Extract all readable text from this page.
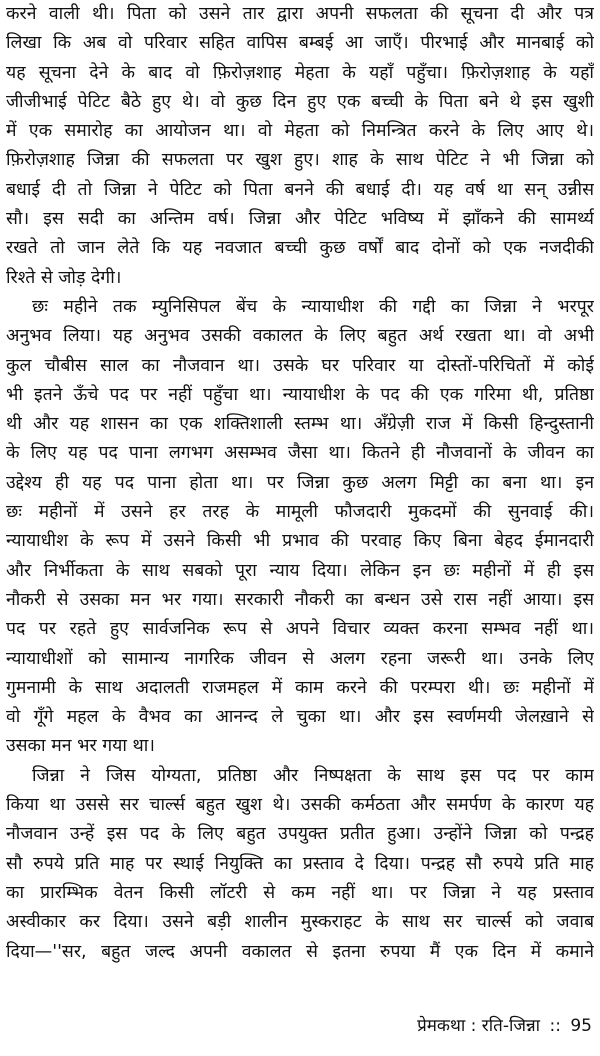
करने वाली थी। पिता को उसने तार द्वारा अपनी सफलता की सूचना दी और पत्र
लिखा कि अब वो परिवार सहित वापिस बम्बई आ जाएँ। पीरभाई और मानबाई को
यह सूचना देने के बाद वो फ़िरोज़शाह मेहता के यहाँ पहुँचा। फ़िरोज़शाह के यहाँ
जीजीभाई पेटिट बैठे हुए थे। वो कुछ दिन हुए एक बच्ची के पिता बने थे इस खुशी
में एक समारोह का आयोजन था। वो मेहता को निमन्त्रित करने के लिए आए थे।
फ़िरोज़शाह जिन्ना की सफलता पर खुश हुए। शाह के साथ पेटिट ने भी जिन्ना को
बधाई दी तो जिन्ना ने पेटिट को पिता बनने की बधाई दी। यह वर्ष था सन् उन्नीस
सौ। इस सदी का अन्तिम वर्ष। जिन्ना और पेटिट भविष्य में झाँकने की सामर्थ्य
रखते तो जान लेते कि यह नवजात बच्ची कुछ वर्षों बाद दोनों को एक नजदीकी
रिश्ते से जोड़ देगी।
छः महीने तक म्युनिसिपल बेंच के न्यायाधीश की गद्दी का जिन्ना ने भरपूर
अनुभव लिया। यह अनुभव उसकी वकालत के लिए बहुत अर्थ रखता था। वो अभी
कुल चौबीस साल का नौजवान था। उसके घर परिवार या दोस्तों-परिचितों में कोई
भी इतने ऊँचे पद पर नहीं पहुँचा था। न्यायाधीश के पद की एक गरिमा थी, प्रतिष्ठा
थी और यह शासन का एक शक्तिशाली स्तम्भ था। अँग्रेज़ी राज में किसी हिन्दुस्तानी
के लिए यह पद पाना लगभग असम्भव जैसा था। कितने ही नौजवानों के जीवन का
उद्देश्य ही यह पद पाना होता था। पर जिन्ना कुछ अलग मिट्टी का बना था। इन
छः महीनों में उसने हर तरह के मामूली फौजदारी मुकदमों की सुनवाई की।
न्यायाधीश के रूप में उसने किसी भी प्रभाव की परवाह किए बिना बेहद ईमानदारी
और निर्भीकता के साथ सबको पूरा न्याय दिया। लेकिन इन छः महीनों में ही इस
नौकरी से उसका मन भर गया। सरकारी नौकरी का बन्धन उसे रास नहीं आया। इस
पद पर रहते हुए सार्वजनिक रूप से अपने विचार व्यक्त करना सम्भव नहीं था।
न्यायाधीशों को सामान्य नागरिक जीवन से अलग रहना जरूरी था। उनके लिए
गुमनामी के साथ अदालती राजमहल में काम करने की परम्परा थी। छः महीनों में
वो गूँगे महल के वैभव का आनन्द ले चुका था। और इस स्वर्णमयी जेलख़ाने से
उसका मन भर गया था।
जिन्ना ने जिस योग्यता, प्रतिष्ठा और निष्पक्षता के साथ इस पद पर काम
किया था उससे सर चार्ल्स बहुत खुश थे। उसकी कर्मठता और समर्पण के कारण यह
नौजवान उन्हें इस पद के लिए बहुत उपयुक्त प्रतीत हुआ। उन्होंने जिन्ना को पन्द्रह
सौ रुपये प्रति माह पर स्थाई नियुक्ति का प्रस्ताव दे दिया। पन्द्रह सौ रुपये प्रति माह
का प्रारम्भिक वेतन किसी लॉटरी से कम नहीं था। पर जिन्ना ने यह प्रस्ताव
अस्वीकार कर दिया। उसने बड़ी शालीन मुस्कराहट के साथ सर चार्ल्स को जवाब
दिया—''सर, बहुत जल्द अपनी वकालत से इतना रुपया मैं एक दिन में कमाने
प्रेमकथा : रति-जिन्ना :: 95
